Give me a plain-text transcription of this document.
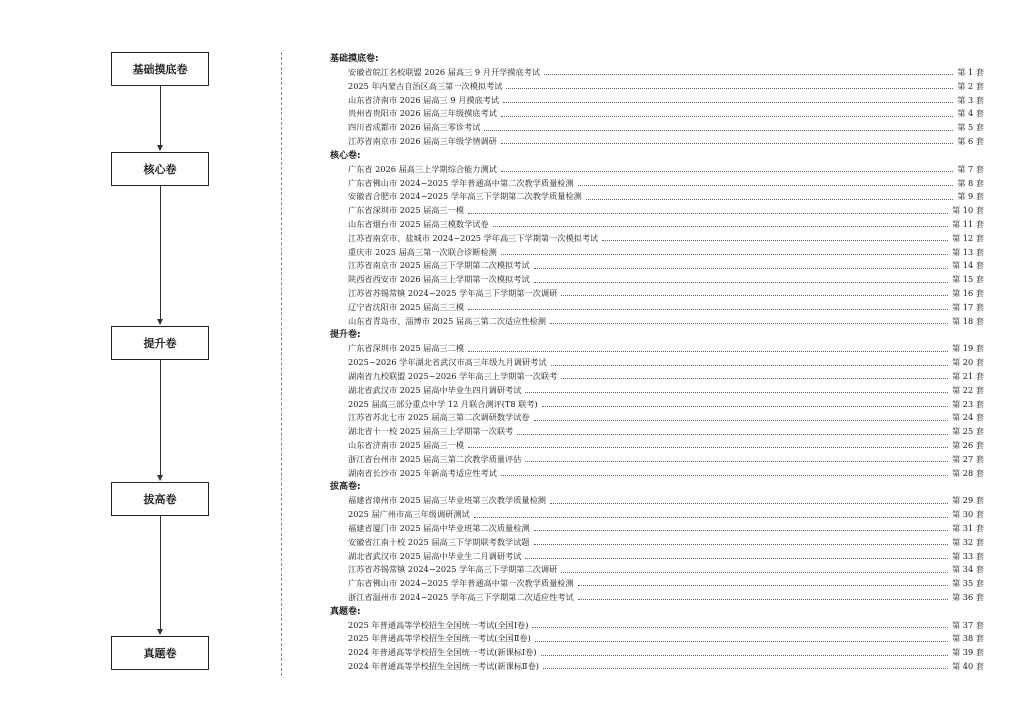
基础摸底卷
核心卷
提升卷
拔高卷
真题卷
基础摸底卷:
安徽省皖江名校联盟 2026 届高三 9 月开学摸底考试	第 1 套
2025 年内蒙古自治区高三第一次模拟考试	第 2 套
山东省济南市 2026 届高三 9 月摸底考试	第 3 套
贵州省贵阳市 2026 届高三年级摸底考试	第 4 套
四川省成都市 2026 届高三零诊考试	第 5 套
江苏省南京市 2026 届高三年级学情调研	第 6 套
核心卷:
广东省 2026 届高三上学期综合能力测试	第 7 套
广东省佛山市 2024~2025 学年普通高中第二次教学质量检测	第 8 套
安徽省合肥市 2024~2025 学年高三下学期第二次教学质量检测	第 9 套
广东省深圳市 2025 届高三一模	第 10 套
山东省烟台市 2025 届高三模数学试卷	第 11 套
江苏省南京市、盐城市 2024~2025 学年高三下学期第一次模拟考试	第 12 套
重庆市 2025 届高三第一次联合诊断检测	第 13 套
江苏省南京市 2025 届高三下学期第二次模拟考试	第 14 套
陕西省西安市 2026 届高三上学期第一次模拟考试	第 15 套
江苏省苏锡常镇 2024~2025 学年高三下学期第一次调研	第 16 套
辽宁省沈阳市 2025 届高三三模	第 17 套
山东省青岛市、淄博市 2025 届高三第二次适应性检测	第 18 套
提升卷:
广东省深圳市 2025 届高三二模	第 19 套
2025~2026 学年湖北省武汉市高三年级九月调研考试	第 20 套
湖南省九校联盟 2025~2026 学年高三上学期第一次联考	第 21 套
湖北省武汉市 2025 届高中毕业生四月调研考试	第 22 套
2025 届高三部分重点中学 12 月联合测评(T8 联考)	第 23 套
江苏省苏北七市 2025 届高三第二次调研数学试卷	第 24 套
湖北省十一校 2025 届高三上学期第一次联考	第 25 套
山东省济南市 2025 届高三一模	第 26 套
浙江省台州市 2025 届高三第二次教学质量评估	第 27 套
湖南省长沙市 2025 年新高考适应性考试	第 28 套
拔高卷:
福建省漳州市 2025 届高三毕业班第三次教学质量检测	第 29 套
2025 届广州市高三年级调研测试	第 30 套
福建省厦门市 2025 届高中毕业班第二次质量检测	第 31 套
安徽省江南十校 2025 届高三下学期联考数学试题	第 32 套
湖北省武汉市 2025 届高中毕业生二月调研考试	第 33 套
江苏省苏锡常镇 2024~2025 学年高三下学期第二次调研	第 34 套
广东省佛山市 2024~2025 学年普通高中第一次教学质量检测	第 35 套
浙江省温州市 2024~2025 学年高三下学期第二次适应性考试	第 36 套
真题卷:
2025 年普通高等学校招生全国统一考试(全国Ⅰ卷)	第 37 套
2025 年普通高等学校招生全国统一考试(全国Ⅱ卷)	第 38 套
2024 年普通高等学校招生全国统一考试(新课标Ⅰ卷)	第 39 套
2024 年普通高等学校招生全国统一考试(新课标Ⅱ卷)	第 40 套
